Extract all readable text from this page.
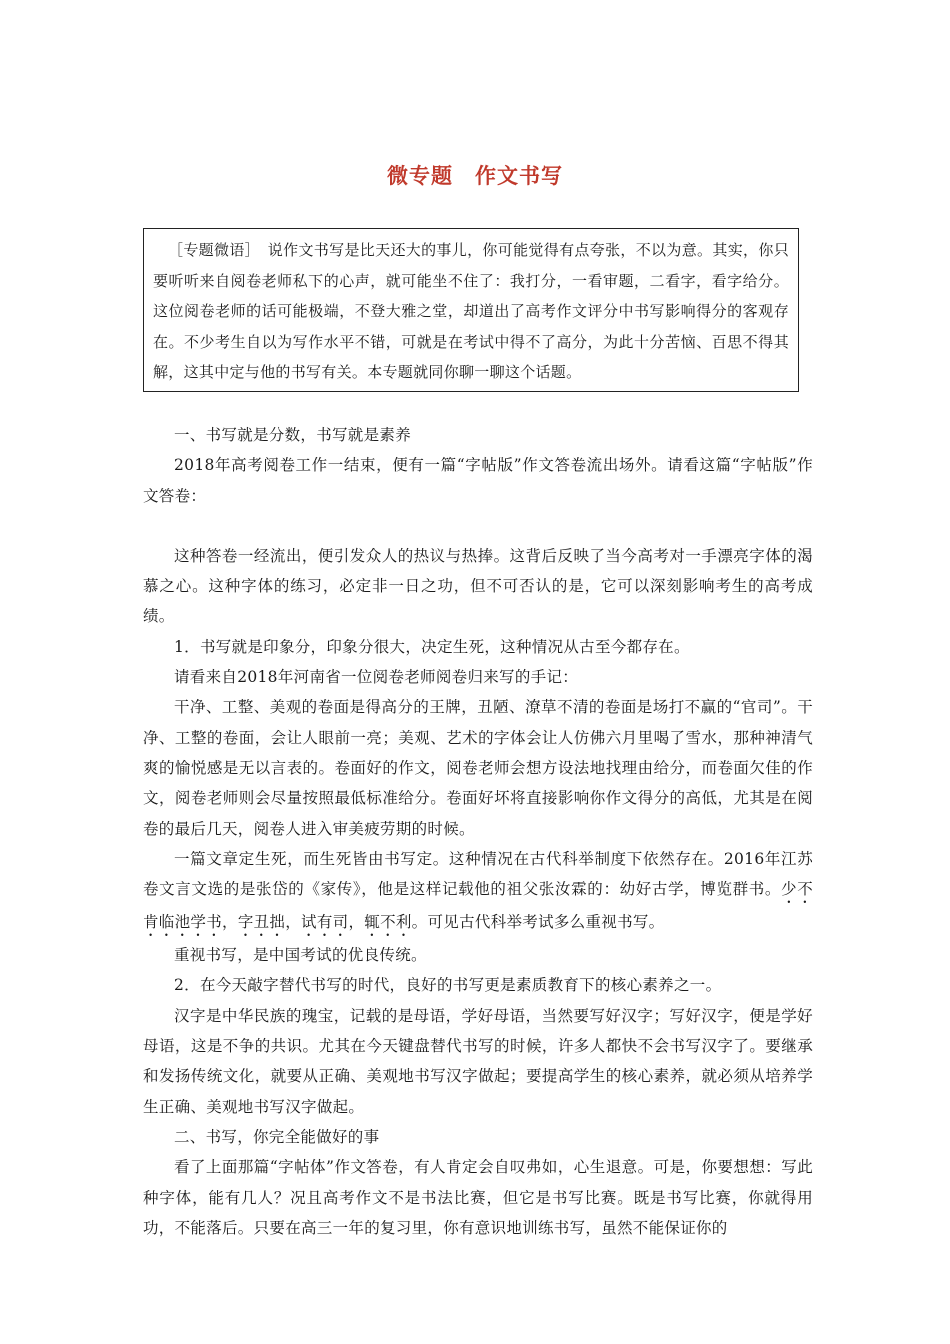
微专题 作文书写
［专题微语］　说作文书写是比天还大的事儿，你可能觉得有点夸张，不以为意。其实，你只要听听来自阅卷老师私下的心声，就可能坐不住了：我打分，一看审题，二看字，看字给分。这位阅卷老师的话可能极端，不登大雅之堂，却道出了高考作文评分中书写影响得分的客观存在。不少考生自以为写作水平不错，可就是在考试中得不了高分，为此十分苦恼、百思不得其解，这其中定与他的书写有关。本专题就同你聊一聊这个话题。

一、书写就是分数，书写就是素养

2018年高考阅卷工作一结束，便有一篇“字帖版”作文答卷流出场外。请看这篇“字帖版”作文答卷：

这种答卷一经流出，便引发众人的热议与热捧。这背后反映了当今高考对一手漂亮字体的渴慕之心。这种字体的练习，必定非一日之功，但不可否认的是，它可以深刻影响考生的高考成绩。

1．书写就是印象分，印象分很大，决定生死，这种情况从古至今都存在。

请看来自2018年河南省一位阅卷老师阅卷归来写的手记：

干净、工整、美观的卷面是得高分的王牌，丑陋、潦草不清的卷面是场打不赢的“官司”。干净、工整的卷面，会让人眼前一亮；美观、艺术的字体会让人仿佛六月里喝了雪水，那种神清气爽的愉悦感是无以言表的。卷面好的作文，阅卷老师会想方设法地找理由给分，而卷面欠佳的作文，阅卷老师则会尽量按照最低标准给分。卷面好坏将直接影响你作文得分的高低，尤其是在阅卷的最后几天，阅卷人进入审美疲劳期的时候。

一篇文章定生死，而生死皆由书写定。这种情况在古代科举制度下依然存在。2016年江苏卷文言文选的是张岱的《家传》，他是这样记载他的祖父张汝霖的：幼好古学，博览群书。少不肯临池学书，字丑拙，试有司，辄不利。可见古代科举考试多么重视书写。

重视书写，是中国考试的优良传统。

2．在今天敲字替代书写的时代，良好的书写更是素质教育下的核心素养之一。

汉字是中华民族的瑰宝，记载的是母语，学好母语，当然要写好汉字；写好汉字，便是学好母语，这是不争的共识。尤其在今天键盘替代书写的时候，许多人都快不会书写汉字了。要继承和发扬传统文化，就要从正确、美观地书写汉字做起；要提高学生的核心素养，就必须从培养学生正确、美观地书写汉字做起。

二、书写，你完全能做好的事

看了上面那篇“字帖体”作文答卷，有人肯定会自叹弗如，心生退意。可是，你要想想：写此种字体，能有几人？况且高考作文不是书法比赛，但它是书写比赛。既是书写比赛，你就得用功，不能落后。只要在高三一年的复习里，你有意识地训练书写，虽然不能保证你的
